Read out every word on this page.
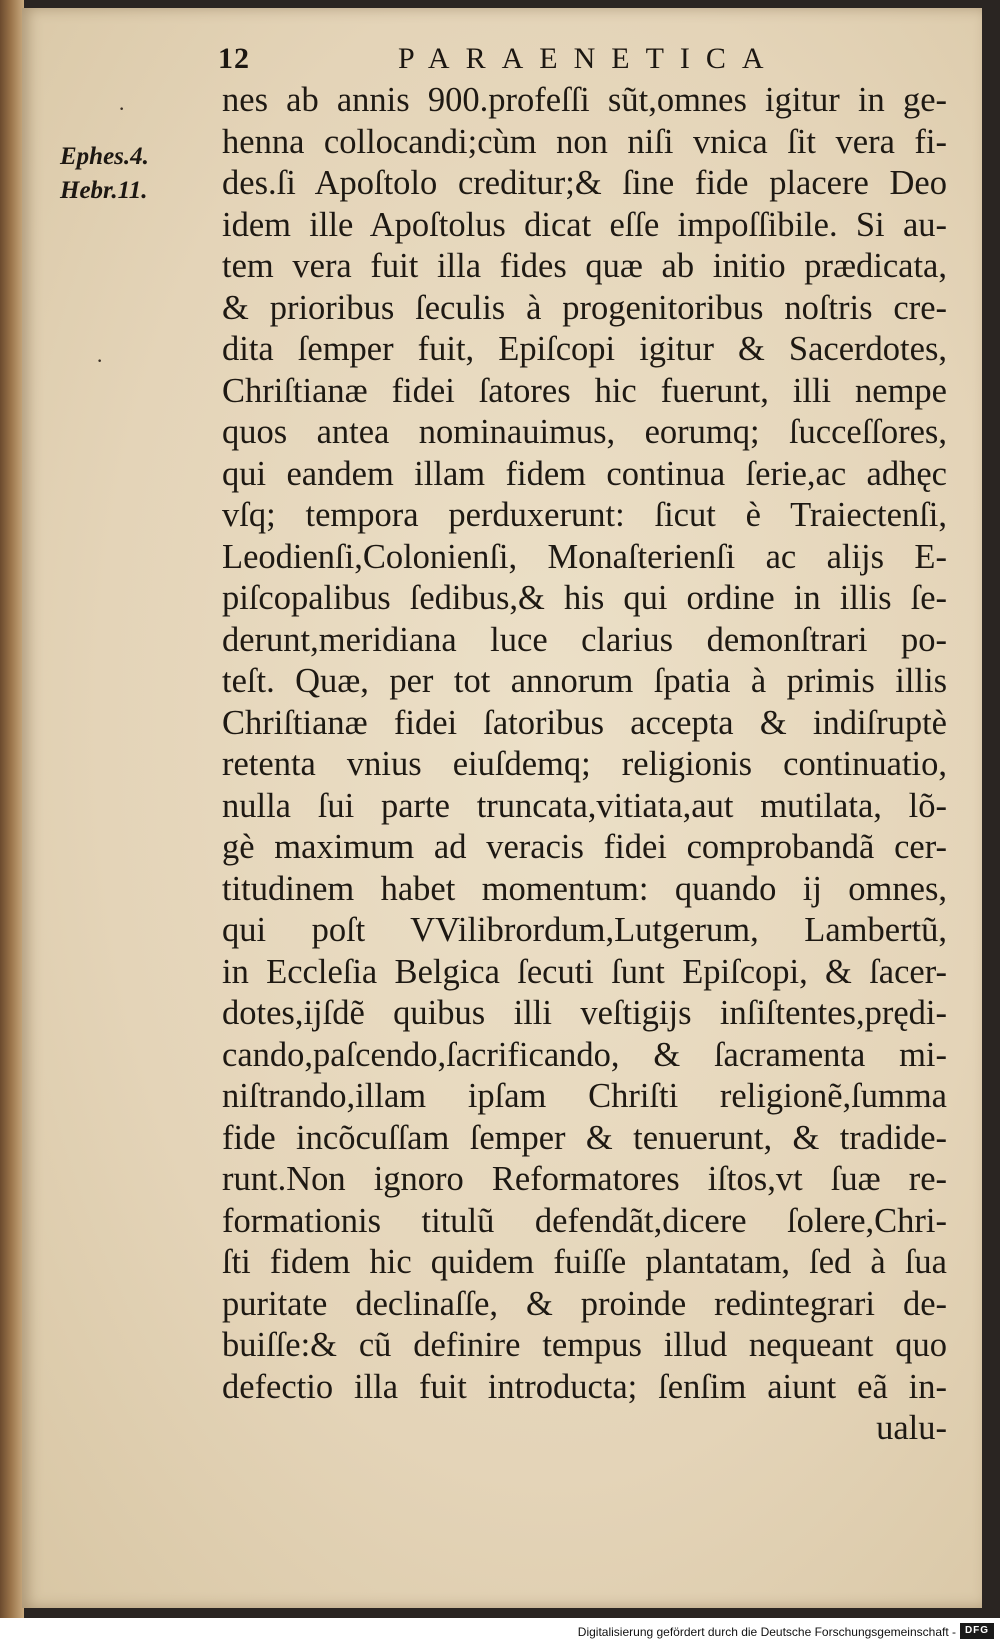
12	PARAENETICA
Ephes.4.
Hebr.11.
·
·
nes ab annis 900.profeſſi sũt,omnes igitur in ge-
henna collocandi;cùm non niſi vnica ſit vera fi-
des.ſi Apoſtolo creditur;& ſine fide placere Deo
idem ille Apoſtolus dicat eſſe impoſſibile. Si au-
tem vera fuit illa fides quæ ab initio prædicata,
& prioribus ſeculis à progenitoribus noſtris cre-
dita ſemper fuit, Epiſcopi igitur & Sacerdotes,
Chriſtianæ fidei ſatores hic fuerunt, illi nempe
quos antea nominauimus, eorumq; ſucceſſores,
qui eandem illam fidem continua ſerie,ac adhęc
vſq; tempora perduxerunt: ſicut è Traiectenſi,
Leodienſi,Colonienſi, Monaſterienſi ac alijs E-
piſcopalibus ſedibus,& his qui ordine in illis ſe-
derunt,meridiana luce clarius demonſtrari po-
teſt. Quæ, per tot annorum ſpatia à primis illis
Chriſtianæ fidei ſatoribus accepta & indiſruptè
retenta vnius eiuſdemq; religionis continuatio,
nulla ſui parte truncata,vitiata,aut mutilata, lõ-
gè maximum ad veracis fidei comprobandã cer-
titudinem habet momentum: quando ij omnes,
qui poſt VVilibrordum,Lutgerum, Lambertũ,
in Eccleſia Belgica ſecuti ſunt Epiſcopi, & ſacer-
dotes,ijſdẽ quibus illi veſtigijs inſiſtentes,prędi-
cando,paſcendo,ſacrificando, & ſacramenta mi-
niſtrando,illam ipſam Chriſti religionẽ,ſumma
fide incõcuſſam ſemper & tenuerunt, & tradide-
runt.Non ignoro Reformatores iſtos,vt ſuæ re-
formationis titulũ defendãt,dicere ſolere,Chri-
ſti fidem hic quidem fuiſſe plantatam, ſed à ſua
puritate declinaſſe, & proinde redintegrari de-
buiſſe:& cũ definire tempus illud nequeant quo
defectio illa fuit introducta; ſenſim aiunt eã in-
ualu-
Digitalisierung gefördert durch die Deutsche Forschungsgemeinschaft - DFG
